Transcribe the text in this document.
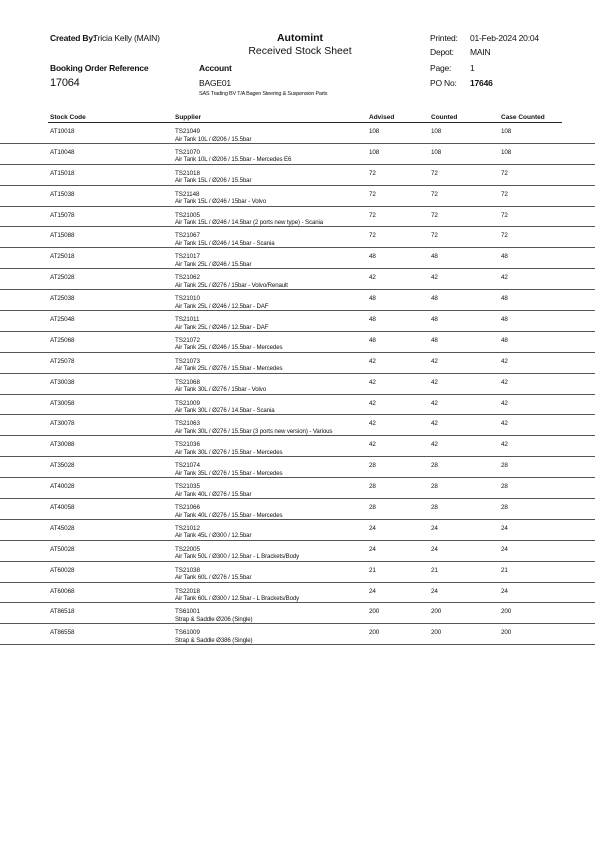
Created By:
Tricia Kelly (MAIN)	Automint
Received Stock Sheet
Printed: 01-Feb-2024 20:04
Depot: MAIN
Page: 1
PO No: 17646
Booking Order Reference
17064
Account
BAGE01
SAS Trading BV T/A Bagen Steering & Suspension Parts
Stock Code	Supplier	Advised	Counted	Case Counted
AT10018	TS21049
Air Tank 10L / Ø206 / 15.5bar
108	108	108
AT10048	TS21070
Air Tank 10L / Ø206 / 15.5bar - Mercedes E6
108	108	108
AT15018	TS21018
Air Tank 15L / Ø206 / 15.5bar
72	72	72
AT15038	TS21148
Air Tank 15L / Ø246 / 15bar - Volvo
72	72	72
AT15078	TS21005
Air Tank 15L / Ø246 / 14.5bar (2 ports new type) - Scania
72	72	72
AT15088	TS21067
Air Tank 15L / Ø246 / 14.5bar - Scania
72	72	72
AT25018	TS21017
Air Tank 25L / Ø246 / 15.5bar
48	48	48
AT25028	TS21062
Air Tank 25L / Ø276 / 15bar - Volvo/Renault
42	42	42
AT25038	TS21010
Air Tank 25L / Ø246 / 12.5bar - DAF
48	48	48
AT25048	TS21011
Air Tank 25L / Ø246 / 12.5bar - DAF
48	48	48
AT25068	TS21072
Air Tank 25L / Ø246 / 15.5bar - Mercedes
48	48	48
AT25078	TS21073
Air Tank 25L / Ø276 / 15.5bar - Mercedes
42	42	42
AT30038	TS21068
Air Tank 30L / Ø276 / 15bar - Volvo
42	42	42
AT30058	TS21009
Air Tank 30L / Ø276 / 14.5bar - Scania
42	42	42
AT30078	TS21063
Air Tank 30L / Ø276 / 15.5bar (3 ports new version) - Various
42	42	42
AT30088	TS21036
Air Tank 30L / Ø276 / 15.5bar - Mercedes
42	42	42
AT35028	TS21074
Air Tank 35L / Ø276 / 15.5bar - Mercedes
28	28	28
AT40028	TS21035
Air Tank 40L / Ø276 / 15.5bar
28	28	28
AT40058	TS21066
Air Tank 40L / Ø276 / 15.5bar - Mercedes
28	28	28
AT45028	TS21012
Air Tank 45L / Ø300 / 12.5bar
24	24	24
AT50028	TS22005
Air Tank 50L / Ø300 / 12.5bar - L Brackets/Body
24	24	24
AT60028	TS21038
Air Tank 60L / Ø276 / 15.5bar
21	21	21
AT60068	TS22018
Air Tank 60L / Ø300 / 12.5bar - L Brackets/Body
24	24	24
AT86518	TS61001
Strap & Saddle Ø206 (Single)
200	200	200
AT86558	TS61009
Strap & Saddle Ø386 (Single)
200	200	200
